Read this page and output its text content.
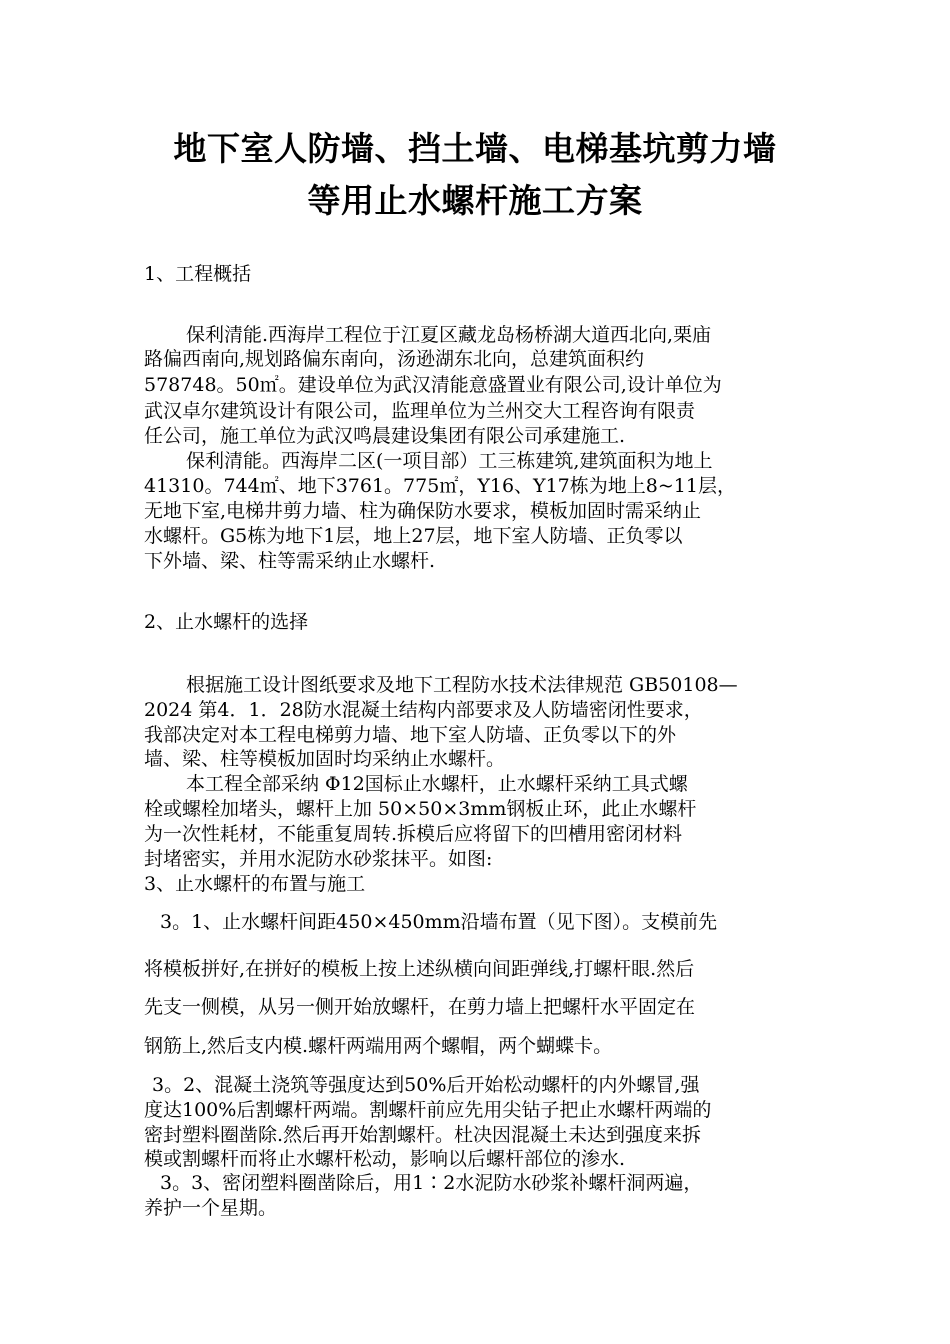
地下室人防墙、挡土墙、电梯基坑剪力墙
等用止水螺杆施工方案
1、工程概括
保利清能.西海岸工程位于江夏区藏龙岛杨桥湖大道西北向,栗庙
路偏西南向,规划路偏东南向，汤逊湖东北向，总建筑面积约
578748。50㎡。建设单位为武汉清能意盛置业有限公司,设计单位为
武汉卓尔建筑设计有限公司，监理单位为兰州交大工程咨询有限责
任公司，施工单位为武汉鸣晨建设集团有限公司承建施工.
保利清能。西海岸二区(一项目部）工三栋建筑,建筑面积为地上
41310。744㎡、地下3761。775㎡，Y16、Y17栋为地上8~11层，
无地下室,电梯井剪力墙、柱为确保防水要求，模板加固时需采纳止
水螺杆。G5栋为地下1层，地上27层，地下室人防墙、正负零以
下外墙、梁、柱等需采纳止水螺杆.
2、止水螺杆的选择
根据施工设计图纸要求及地下工程防水技术法律规范 GB50108—
2024 第4．1．28防水混凝土结构内部要求及人防墙密闭性要求，
我部决定对本工程电梯剪力墙、地下室人防墙、正负零以下的外
墙、梁、柱等模板加固时均采纳止水螺杆。
本工程全部采纳 Φ12国标止水螺杆，止水螺杆采纳工具式螺
栓或螺栓加堵头，螺杆上加 50×50×3mm钢板止环，此止水螺杆
为一次性耗材，不能重复周转.拆模后应将留下的凹槽用密闭材料
封堵密实，并用水泥防水砂浆抹平。如图:
3、止水螺杆的布置与施工
3。1、止水螺杆间距450×450mm沿墙布置（见下图）。支模前先
将模板拼好,在拼好的模板上按上述纵横向间距弹线,打螺杆眼.然后
先支一侧模，从另一侧开始放螺杆，在剪力墙上把螺杆水平固定在
钢筋上,然后支内模.螺杆两端用两个螺帽，两个蝴蝶卡。
3。2、混凝土浇筑等强度达到50%后开始松动螺杆的内外螺冒,强
度达100%后割螺杆两端。割螺杆前应先用尖钻子把止水螺杆两端的
密封塑料圈凿除.然后再开始割螺杆。杜决因混凝土未达到强度来拆
模或割螺杆而将止水螺杆松动，影响以后螺杆部位的渗水.
3。3、密闭塑料圈凿除后，用1∶2水泥防水砂浆补螺杆洞两遍，
养护一个星期。
